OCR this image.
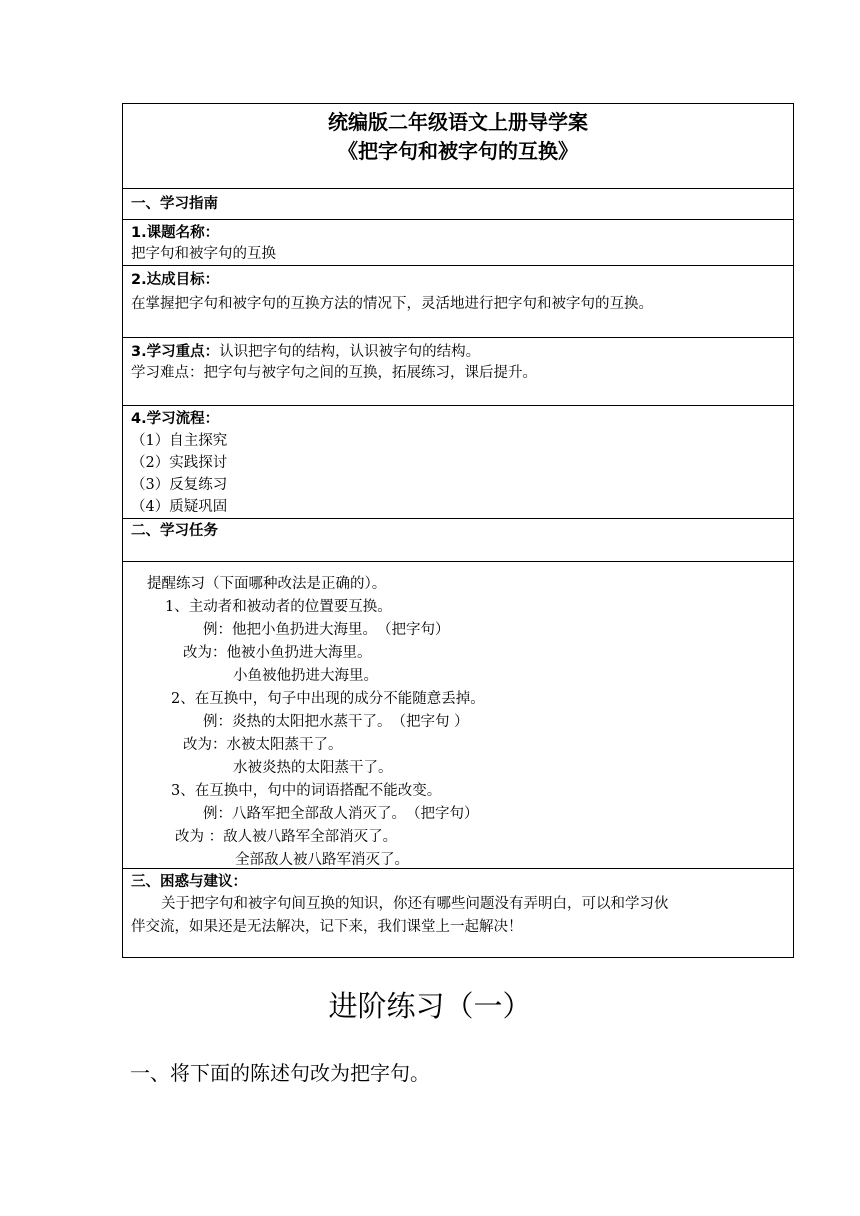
统编版二年级语文上册导学案
《把字句和被字句的互换》
一、学习指南
1.课题名称：
把字句和被字句的互换
2.达成目标：
在掌握把字句和被字句的互换方法的情况下，灵活地进行把字句和被字句的互换。
3.学习重点：认识把字句的结构，认识被字句的结构。
学习难点：把字句与被字句之间的互换，拓展练习，课后提升。
4.学习流程：
（1）自主探究
（2）实践探讨
（3）反复练习
（4）质疑巩固
二、学习任务
提醒练习（下面哪种改法是正确的）。
1、主动者和被动者的位置要互换。
例：他把小鱼扔进大海里。　（把字句）
改为：他被小鱼扔进大海里。
小鱼被他扔进大海里。
2、在互换中，句子中出现的成分不能随意丢掉。
例：炎热的太阳把水蒸干了。　（把字句 ）
改为：水被太阳蒸干了。
水被炎热的太阳蒸干了。
3、在互换中，句中的词语搭配不能改变。
例：八路军把全部敌人消灭了。　（把字句）
改为 ：敌人被八路军全部消灭了。
全部敌人被八路军消灭了。
三、困惑与建议：
关于把字句和被字句间互换的知识，你还有哪些问题没有弄明白，可以和学习伙
伴交流，如果还是无法解决，记下来，我们课堂上一起解决！
进阶练习（一）
一、将下面的陈述句改为把字句。
